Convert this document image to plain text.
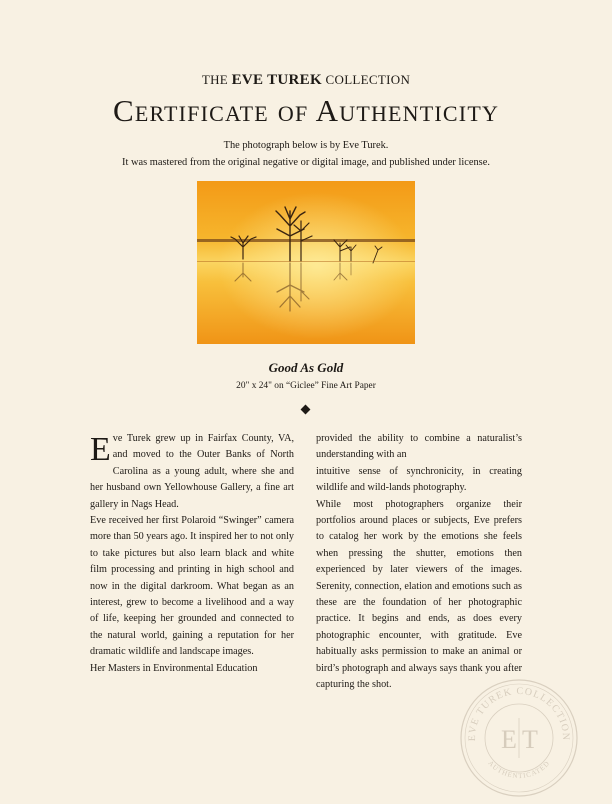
THE EVE TUREK COLLECTION
Certificate of Authenticity
The photograph below is by Eve Turek.
It was mastered from the original negative or digital image, and published under license.
Good As Gold
20" x 24" on “Giclee” Fine Art Paper

Eve Turek grew up in Fairfax County, VA, and moved to the Outer Banks of North Carolina as a young adult, where she and her husband own Yellowhouse Gallery, a fine art gallery in Nags Head.

Eve received her first Polaroid “Swinger” camera more than 50 years ago. It inspired her to not only to take pictures but also learn black and white film processing and printing in high school and now in the digital darkroom. What began as an interest, grew to become a livelihood and a way of life, keeping her grounded and connected to the natural world, gaining a reputation for her dramatic wildlife and landscape images.

Her Masters in Environmental Education

provided the ability to combine a naturalist’s understanding with an

intuitive sense of synchronicity, in creating wildlife and wild-lands photography.

While most photographers organize their portfolios around places or subjects, Eve prefers to catalog her work by the emotions she feels when pressing the shutter, emotions then experienced by later viewers of the images. Serenity, connection, elation and emotions such as these are the foundation of her photographic practice. It begins and ends, as does every photographic encounter, with gratitude. Eve habitually asks permission to make an animal or bird’s photograph and always says thank you after capturing the shot.

EVE TUREK COLLECTION
AUTHENTICATED
E T
